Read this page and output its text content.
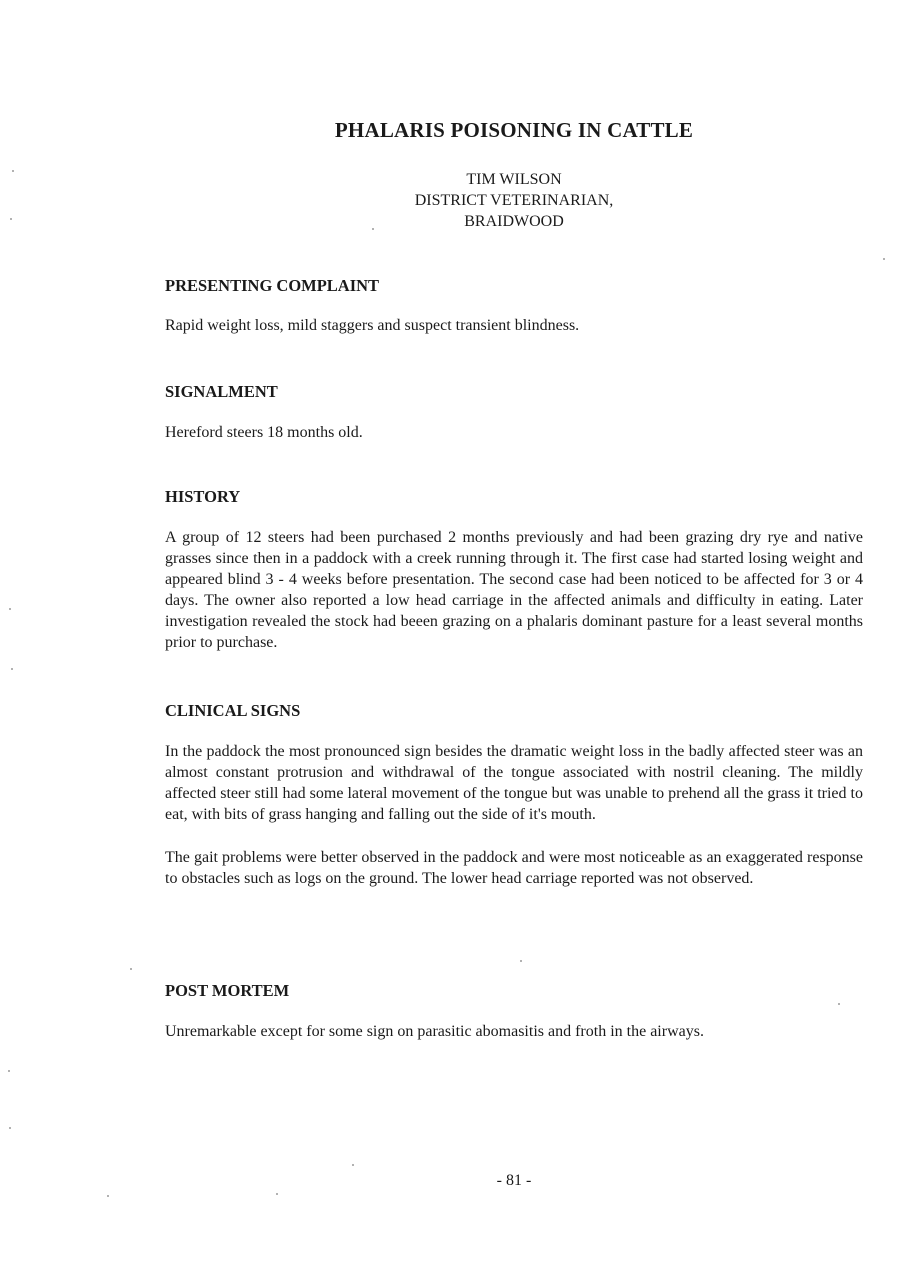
PHALARIS POISONING IN CATTLE
TIM WILSON
DISTRICT VETERINARIAN,
BRAIDWOOD
PRESENTING COMPLAINT

Rapid weight loss, mild staggers and suspect transient blindness.

SIGNALMENT

Hereford steers 18 months old.

HISTORY

A group of 12 steers had been purchased 2 months previously and had been grazing dry rye and native grasses since then in a paddock with a creek running through it. The first case had started losing weight and appeared blind 3 - 4 weeks before presentation. The second case had been noticed to be affected for 3 or 4 days. The owner also reported a low head carriage in the affected animals and difficulty in eating. Later investigation revealed the stock had beeen grazing on a phalaris dominant pasture for a least several months prior to purchase.

CLINICAL SIGNS

In the paddock the most pronounced sign besides the dramatic weight loss in the badly affected steer was an almost constant protrusion and withdrawal of the tongue associated with nostril cleaning. The mildly affected steer still had some lateral movement of the tongue but was unable to prehend all the grass it tried to eat, with bits of grass hanging and falling out the side of it's mouth.

The gait problems were better observed in the paddock and were most noticeable as an exaggerated response to obstacles such as logs on the ground. The lower head carriage reported was not observed.

POST MORTEM

Unremarkable except for some sign on parasitic abomasitis and froth in the airways.

- 81 -
